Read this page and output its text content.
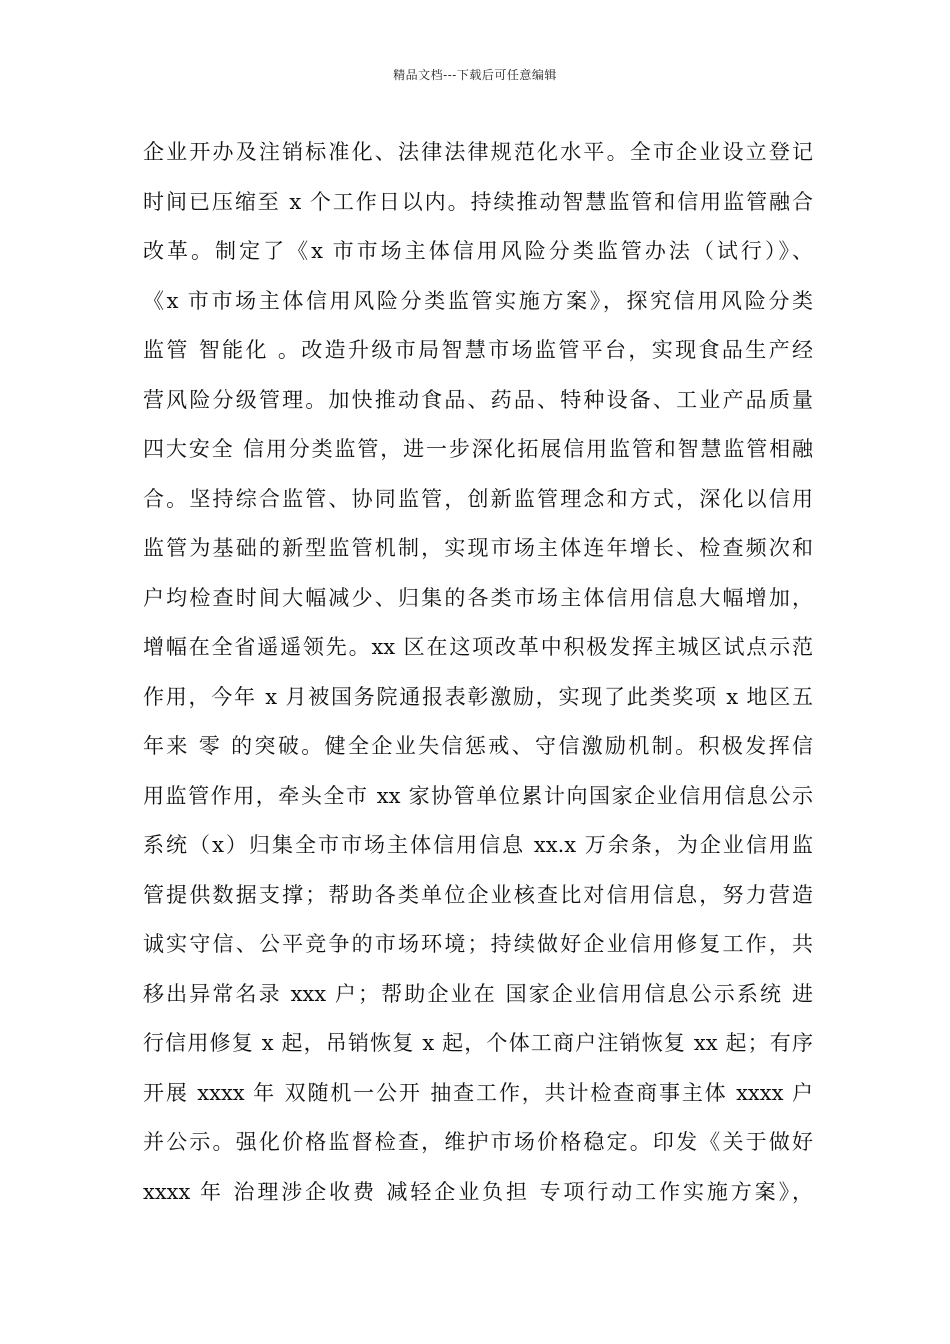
精品文档---下载后可任意编辑
企业开办及注销标准化、法律法律规范化水平。全市企业设立登记
时间已压缩至 x 个工作日以内。持续推动智慧监管和信用监管融合
改革。制定了《x 市市场主体信用风险分类监管办法（试行）》、
《x 市市场主体信用风险分类监管实施方案》，探究信用风险分类
监管 智能化 。改造升级市局智慧市场监管平台，实现食品生产经
营风险分级管理。加快推动食品、药品、特种设备、工业产品质量
四大安全 信用分类监管，进一步深化拓展信用监管和智慧监管相融
合。坚持综合监管、协同监管，创新监管理念和方式，深化以信用
监管为基础的新型监管机制，实现市场主体连年增长、检查频次和
户均检查时间大幅减少、归集的各类市场主体信用信息大幅增加，
增幅在全省遥遥领先。xx 区在这项改革中积极发挥主城区试点示范
作用，今年 x 月被国务院通报表彰激励，实现了此类奖项 x 地区五
年来 零 的突破。健全企业失信惩戒、守信激励机制。积极发挥信
用监管作用，牵头全市 xx 家协管单位累计向国家企业信用信息公示
系统（x）归集全市市场主体信用信息 xx.x 万余条，为企业信用监
管提供数据支撑；帮助各类单位企业核查比对信用信息，努力营造
诚实守信、公平竞争的市场环境；持续做好企业信用修复工作，共
移出异常名录 xxx 户；帮助企业在 国家企业信用信息公示系统 进
行信用修复 x 起，吊销恢复 x 起，个体工商户注销恢复 xx 起；有序
开展 xxxx 年 双随机一公开 抽查工作，共计检查商事主体 xxxx 户
并公示。强化价格监督检查，维护市场价格稳定。印发《关于做好
xxxx 年 治理涉企收费 减轻企业负担 专项行动工作实施方案》，
